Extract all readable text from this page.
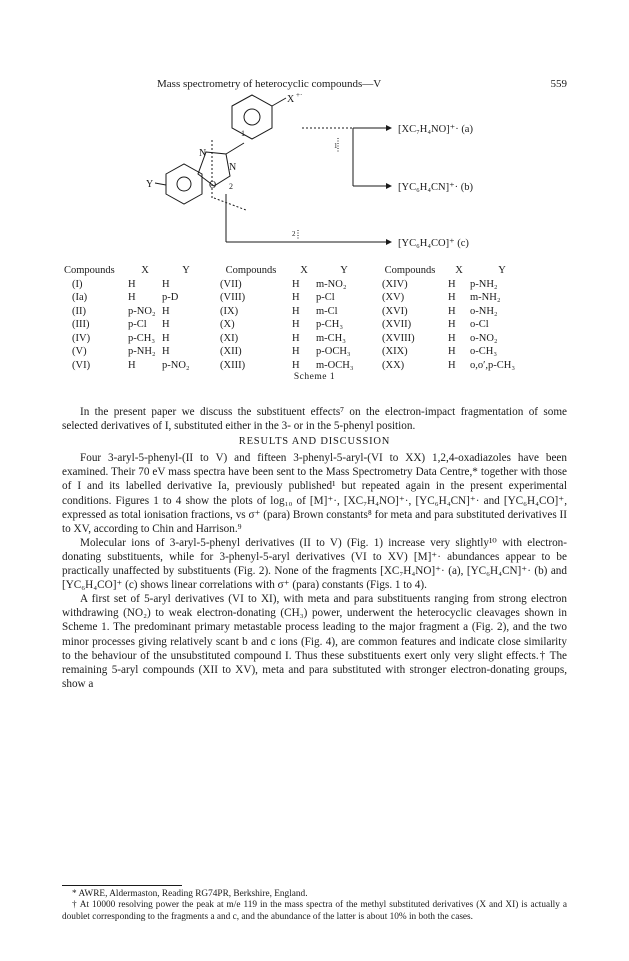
Mass spectrometry of heterocyclic compounds—V	559
X +·
1
N
N
O 2
Y
1
2
[XC₇H₄NO]⁺· (a)
[YC₆H₄CN]⁺· (b)
[YC₆H₄CO]⁺ (c)
Compounds	X	Y	Compounds	X	Y	Compounds	X	Y
(I)	H	H	(VII)	H	m-NO₂	(XIV)	H	p-NH₂
(Ia)	H	p-D	(VIII)	H	p-Cl	(XV)	H	m-NH₂
(II)	p-NO₂	H	(IX)	H	m-Cl	(XVI)	H	o-NH₂
(III)	p-Cl	H	(X)	H	p-CH₃	(XVII)	H	o-Cl
(IV)	p-CH₃	H	(XI)	H	m-CH₃	(XVIII)	H	o-NO₂
(V)	p-NH₂	H	(XII)	H	p-OCH₃	(XIX)	H	o-CH₃
(VI)	H	p-NO₂	(XIII)	H	m-OCH₃	(XX)	H	o,o′,p-CH₃
Scheme 1

In the present paper we discuss the substituent effects⁷ on the electron-impact fragmentation of some selected derivatives of I, substituted either in the 3- or in the 5-phenyl position.

RESULTS AND DISCUSSION

Four 3-aryl-5-phenyl-(II to V) and fifteen 3-phenyl-5-aryl-(VI to XX) 1,2,4-oxadiazoles have been examined. Their 70 eV mass spectra have been sent to the Mass Spectrometry Data Centre,* together with those of I and its labelled derivative Ia, previously published¹ but repeated again in the present experimental conditions. Figures 1 to 4 show the plots of log₁₀ of [M]⁺·, [XC₇H₄NO]⁺·, [YC₆H₄CN]⁺· and [YC₆H₄CO]⁺, expressed as total ionisation fractions, vs σ⁺ (para) Brown constants⁸ for meta and para substituted derivatives II to XV, according to Chin and Harrison.⁹

Molecular ions of 3-aryl-5-phenyl derivatives (II to V) (Fig. 1) increase very slightly¹⁰ with electron-donating substituents, while for 3-phenyl-5-aryl derivatives (VI to XV) [M]⁺· abundances appear to be practically unaffected by substituents (Fig. 2). None of the fragments [XC₇H₄NO]⁺· (a), [YC₆H₄CN]⁺· (b) and [YC₆H₄CO]⁺ (c) shows linear correlations with σ⁺ (para) constants (Figs. 1 to 4).

A first set of 5-aryl derivatives (VI to XI), with meta and para substituents ranging from strong electron withdrawing (NO₂) to weak electron-donating (CH₃) power, underwent the heterocyclic cleavages shown in Scheme 1. The predominant primary metastable process leading to the major fragment a (Fig. 2), and the two minor processes giving relatively scant b and c ions (Fig. 4), are common features and indicate close similarity to the behaviour of the unsubstituted compound I. Thus these substituents exert only very slight effects.† The remaining 5-aryl compounds (XII to XV), meta and para substituted with stronger electron-donating groups, show a

* AWRE, Aldermaston, Reading RG74PR, Berkshire, England.

† At 10000 resolving power the peak at m/e 119 in the mass spectra of the methyl substituted derivatives (X and XI) is actually a doublet corresponding to the fragments a and c, and the abundance of the latter is about 10% in both the cases.
